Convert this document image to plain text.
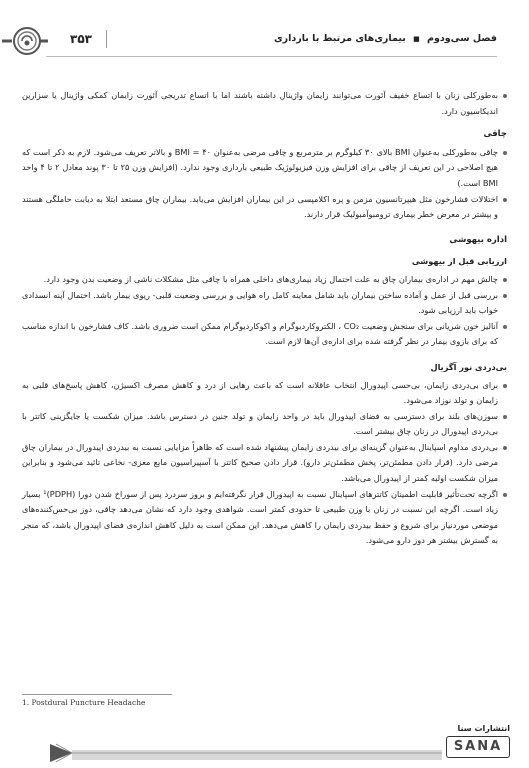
۳۵۳	فصل سی‌ودوم ■ بیماری‌های مرتبط با بارداری

به‌طورکلی زنان با اتساع خفیف آئورت می‌توانند زایمان واژینال داشته باشند اما با اتساع تدریجی آئورت زایمان کمکی واژینال یا سزارین اندیکاسیون دارد.

چاقی

چاقی به‌طورکلی به‌عنوان BMI بالای ۳۰ کیلوگرم بر مترمربع و چاقی مرضی به‌عنوان BMI = ۴۰ و بالاتر تعریف می‌شود. لازم به ذکر است که هیچ اصلاحی در این تعریف از چاقی برای افزایش وزن فیزیولوژیک طبیعی بارداری وجود ندارد. (افزایش وزن ۲۵ تا ۳۰ پوند معادل ۲ تا ۴ واحد BMI است.)

اختلالات فشارخون مثل هیپرتانسیون مزمن و پره اکلامپسی در این بیماران افزایش می‌یابد. بیماران چاق مستعد ابتلا به دیابت حاملگی هستند و بیشتر در معرض خطر بیماری ترومبوآمبولیک قرار دارند.

اداره بیهوشی
ارزیابی قبل از بیهوشی

چالش مهم در اداره‌ی بیماران چاق به علت احتمال زیاد بیماری‌های داخلی همراه با چاقی مثل مشکلات ناشی از وضعیت بدن وجود دارد.

بررسی قبل از عمل و آماده ساختن بیماران باید شامل معاینه کامل راه هوایی و بررسی وضعیت قلبی- ریوی بیمار باشد. احتمال آپنه انسدادی خواب باید ارزیابی شود.

آنالیز خون شریانی برای سنجش وضعیت CO₂ ، الکتروکاردیوگرام و اکوکاردیوگرام ممکن است ضروری باشد. کاف فشارخون با اندازه مناسب که برای بازوی بیمار در نظر گرفته شده برای اداره‌ی آن‌ها لازم است.

بی‌دردی نور آگزیال

برای بی‌دردی زایمان، بی‌حسی اپیدورال انتخاب عاقلانه است که باعث رهایی از درد و کاهش مصرف اکسیژن، کاهش پاسخ‌های قلبی به زایمان و تولد نوزاد می‌شود.

سوزن‌های بلند برای دسترسی به فضای اپیدورال باید در واحد زایمان و تولد جنین در دسترس باشد. میزان شکست یا جایگزینی کاتتر با بی‌دردی اپیدورال در زنان چاق بیشتر است.

بی‌دردی مداوم اسپاینال به‌عنوان گزینه‌ای برای بیدردی زایمان پیشنهاد شده است که ظاهراً مزایایی نسبت به بیدردی اپیدورال در بیماران چاق مرضی دارد. (قرار دادن مطمئن‌تر، پخش مطمئن‌تر دارو). قرار دادن صحیح کاتتر با آسپیراسیون مایع مغزی- نخاعی تائید می‌شود و بنابراین میزان شکست اولیه کمتر از اپیدورال می‌باشد.

اگرچه تحت‌تأثیر قابلیت اطمینان کاتترهای اسپاینال نسبت به اپیدورال قرار نگرفته‌ایم و بروز سردرد پس از سوراخ شدن دورا (PDPH)¹ بسیار زیاد است. اگرچه این نسبت در زنان با وزن طبیعی تا حدودی کمتر است. شواهدی وجود دارد که نشان می‌دهد چاقی، دوز بی‌حس‌کننده‌های موضعی موردنیاز برای شروع و حفظ بیدردی زایمان را کاهش می‌دهد. این ممکن است به دلیل کاهش اندازه‌ی فضای اپیدورال باشد، که منجر به گسترش بیشتر هر دوز دارو می‌شود.

1. Postdural Puncture Headache
انتشارات سنا
SANA
